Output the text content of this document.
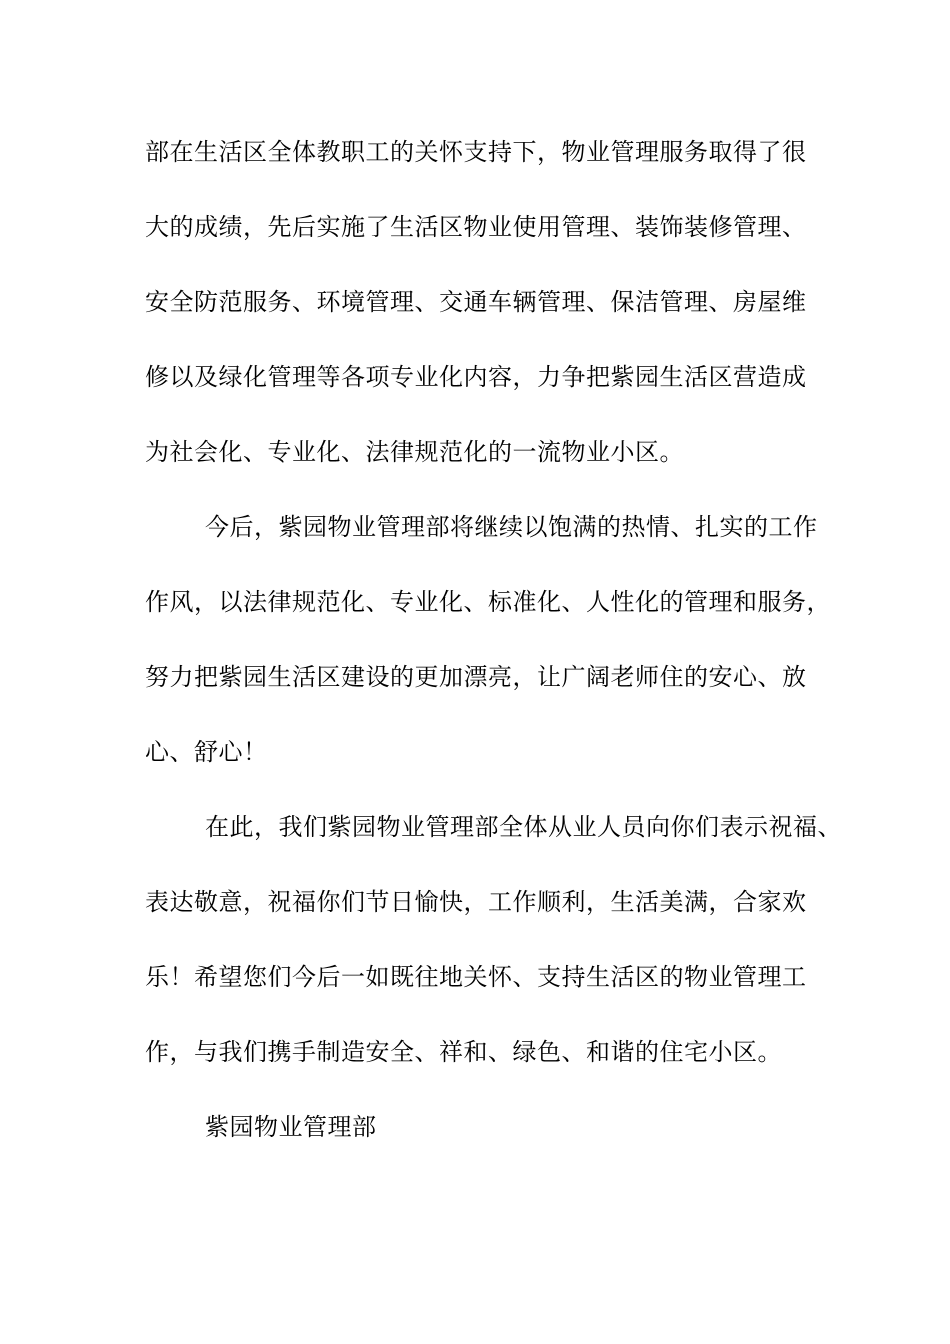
部在生活区全体教职工的关怀支持下，物业管理服务取得了很

大的成绩，先后实施了生活区物业使用管理、装饰装修管理、

安全防范服务、环境管理、交通车辆管理、保洁管理、房屋维

修以及绿化管理等各项专业化内容，力争把紫园生活区营造成

为社会化、专业化、法律规范化的一流物业小区。

今后，紫园物业管理部将继续以饱满的热情、扎实的工作

作风，以法律规范化、专业化、标准化、人性化的管理和服务，

努力把紫园生活区建设的更加漂亮，让广阔老师住的安心、放

心、舒心！

在此，我们紫园物业管理部全体从业人员向你们表示祝福、

表达敬意，祝福你们节日愉快，工作顺利，生活美满，合家欢

乐！希望您们今后一如既往地关怀、支持生活区的物业管理工

作，与我们携手制造安全、祥和、绿色、和谐的住宅小区。

紫园物业管理部
